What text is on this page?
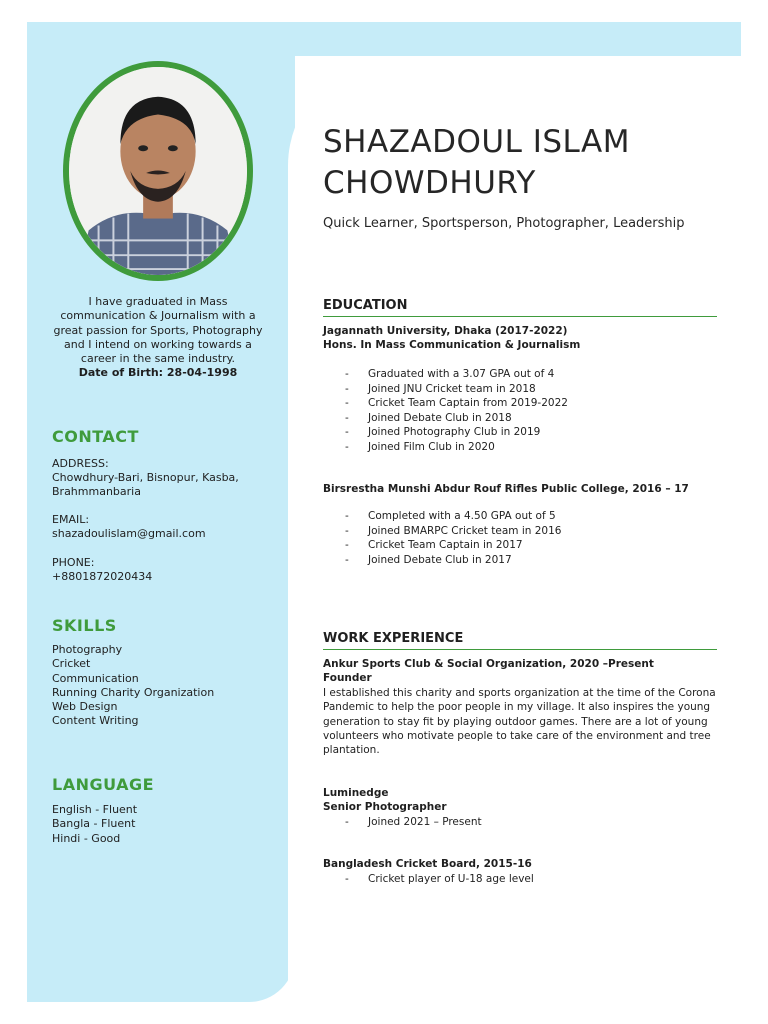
I have graduated in Mass communication & Journalism with a great passion for Sports, Photography and I intend on working towards a career in the same industry.
Date of Birth: 28-04-1998
CONTACT
ADDRESS:
Chowdhury-Bari, Bisnopur, Kasba, Brahmmanbaria
EMAIL:
shazadoulislam@gmail.com
PHONE:
+8801872020434
SKILLS
Photography
Cricket
Communication
Running Charity Organization
Web Design
Content Writing
LANGUAGE
English - Fluent
Bangla - Fluent
Hindi - Good
SHAZADOUL ISLAM
CHOWDHURY
Quick Learner, Sportsperson, Photographer, Leadership
EDUCATION
Jagannath University, Dhaka (2017-2022)
Hons. In Mass Communication & Journalism
-	Graduated with a 3.07 GPA out of 4
-	Joined JNU Cricket team in 2018
-	Cricket Team Captain from 2019-2022
-	Joined Debate Club in 2018
-	Joined Photography Club in 2019
-	Joined Film Club in 2020
Birsrestha Munshi Abdur Rouf Rifles Public College, 2016 – 17
-	Completed with a 4.50 GPA out of 5
-	Joined BMARPC Cricket team in 2016
-	Cricket Team Captain in 2017
-	Joined Debate Club in 2017
WORK EXPERIENCE
Ankur Sports Club & Social Organization, 2020 –Present
Founder
I established this charity and sports organization at the time of the Corona Pandemic to help the poor people in my village. It also inspires the young generation to stay fit by playing outdoor games. There are a lot of young volunteers who motivate people to take care of the environment and tree plantation.
Luminedge
Senior Photographer
-	Joined 2021 – Present
Bangladesh Cricket Board, 2015-16
-	Cricket player of U-18 age level
